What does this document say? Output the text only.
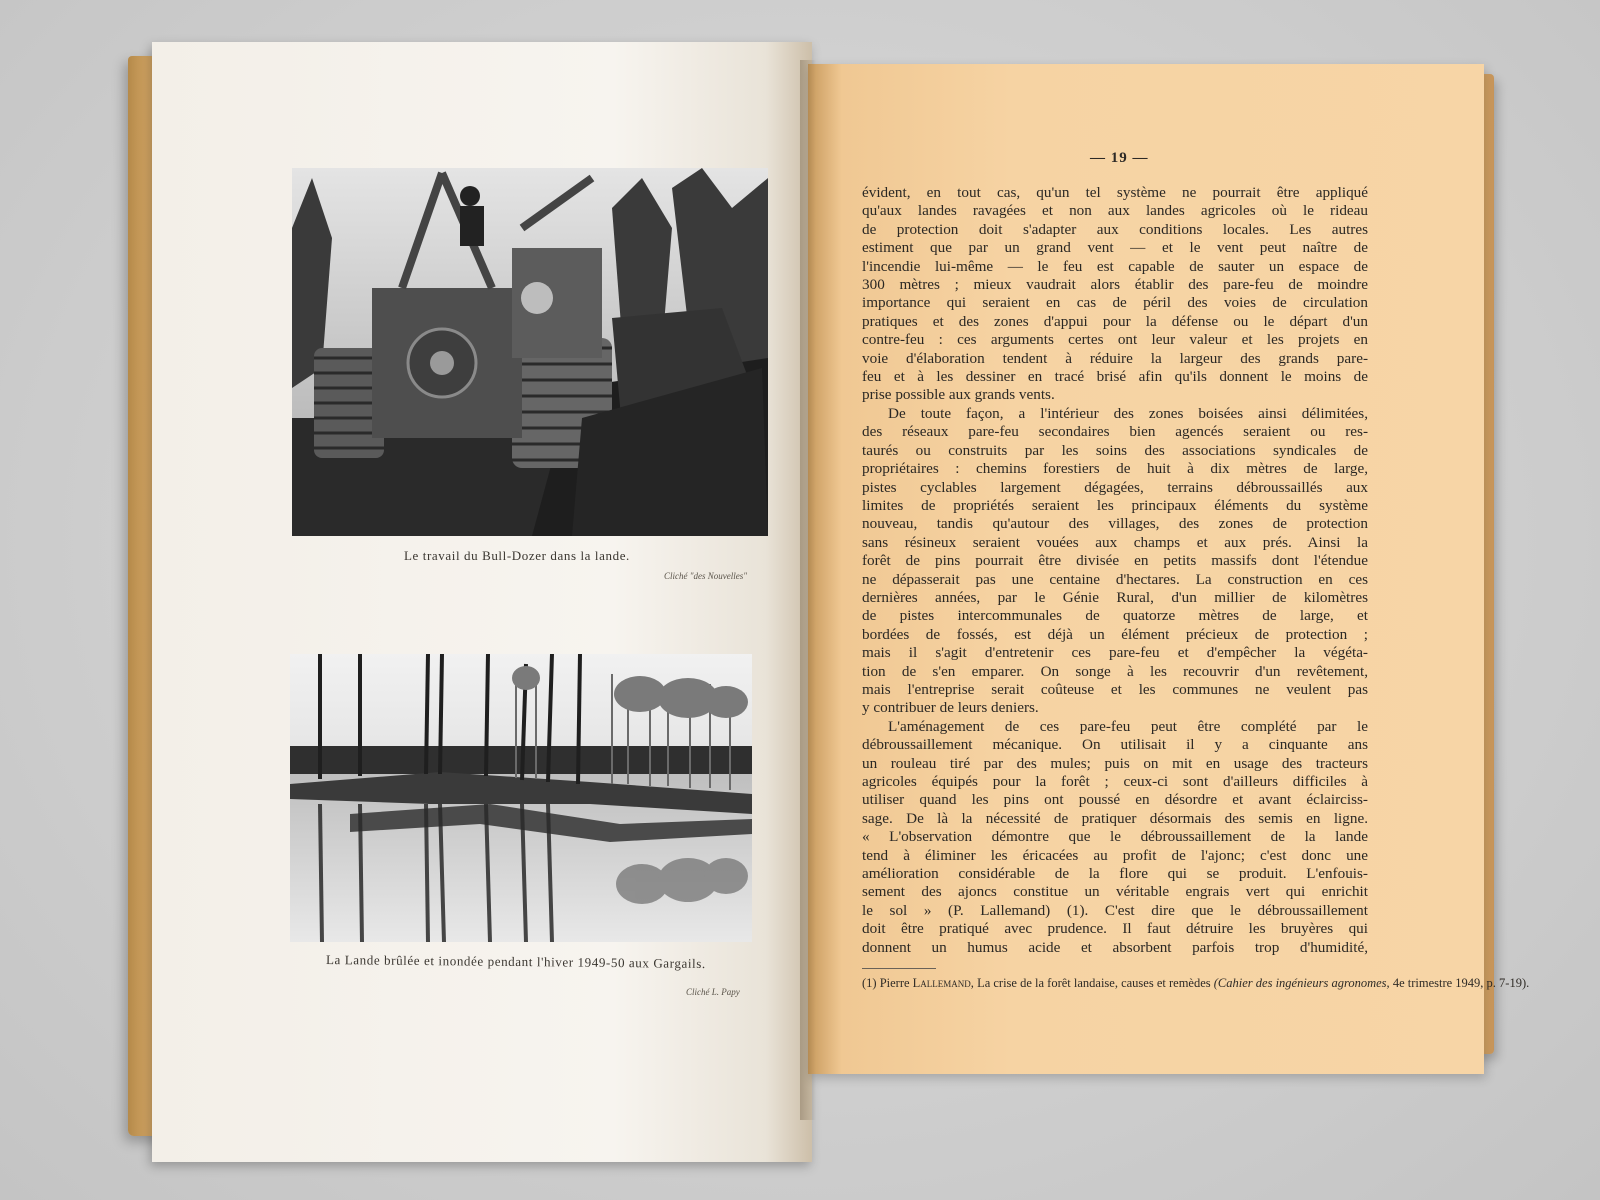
Le travail du Bull-Dozer dans la lande.
Cliché "des Nouvelles"
La Lande brûlée et inondée pendant l'hiver 1949-50 aux Gargails.
Cliché L. Papy
— 19 —
évident, en tout cas, qu'un tel système ne pourrait être appliqué
qu'aux landes ravagées et non aux landes agricoles où le rideau
de protection doit s'adapter aux conditions locales. Les autres
estiment que par un grand vent — et le vent peut naître de
l'incendie lui-même — le feu est capable de sauter un espace de
300 mètres ; mieux vaudrait alors établir des pare-feu de moindre
importance qui seraient en cas de péril des voies de circulation
pratiques et des zones d'appui pour la défense ou le départ d'un
contre-feu : ces arguments certes ont leur valeur et les projets en
voie d'élaboration tendent à réduire la largeur des grands pare-
feu et à les dessiner en tracé brisé afin qu'ils donnent le moins de
prise possible aux grands vents.
De toute façon, a l'intérieur des zones boisées ainsi délimitées,
des réseaux pare-feu secondaires bien agencés seraient ou res-
taurés ou construits par les soins des associations syndicales de
propriétaires : chemins forestiers de huit à dix mètres de large,
pistes cyclables largement dégagées, terrains débroussaillés aux
limites de propriétés seraient les principaux éléments du système
nouveau, tandis qu'autour des villages, des zones de protection
sans résineux seraient vouées aux champs et aux prés. Ainsi la
forêt de pins pourrait être divisée en petits massifs dont l'étendue
ne dépasserait pas une centaine d'hectares. La construction en ces
dernières années, par le Génie Rural, d'un millier de kilomètres
de pistes intercommunales de quatorze mètres de large, et
bordées de fossés, est déjà un élément précieux de protection ;
mais il s'agit d'entretenir ces pare-feu et d'empêcher la végéta-
tion de s'en emparer. On songe à les recouvrir d'un revêtement,
mais l'entreprise serait coûteuse et les communes ne veulent pas
y contribuer de leurs deniers.
L'aménagement de ces pare-feu peut être complété par le
débroussaillement mécanique. On utilisait il y a cinquante ans
un rouleau tiré par des mules; puis on mit en usage des tracteurs
agricoles équipés pour la forêt ; ceux-ci sont d'ailleurs difficiles à
utiliser quand les pins ont poussé en désordre et avant éclairciss-
sage. De là la nécessité de pratiquer désormais des semis en ligne.
« L'observation démontre que le débroussaillement de la lande
tend à éliminer les éricacées au profit de l'ajonc; c'est donc une
amélioration considérable de la flore qui se produit. L'enfouis-
sement des ajoncs constitue un véritable engrais vert qui enrichit
le sol » (P. Lallemand) (1). C'est dire que le débroussaillement
doit être pratiqué avec prudence. Il faut détruire les bruyères qui
donnent un humus acide et absorbent parfois trop d'humidité,
(1) Pierre Lallemand, La crise de la forêt landaise, causes et remèdes (Cahier des ingénieurs agronomes, 4e trimestre 1949, p. 7-19).
